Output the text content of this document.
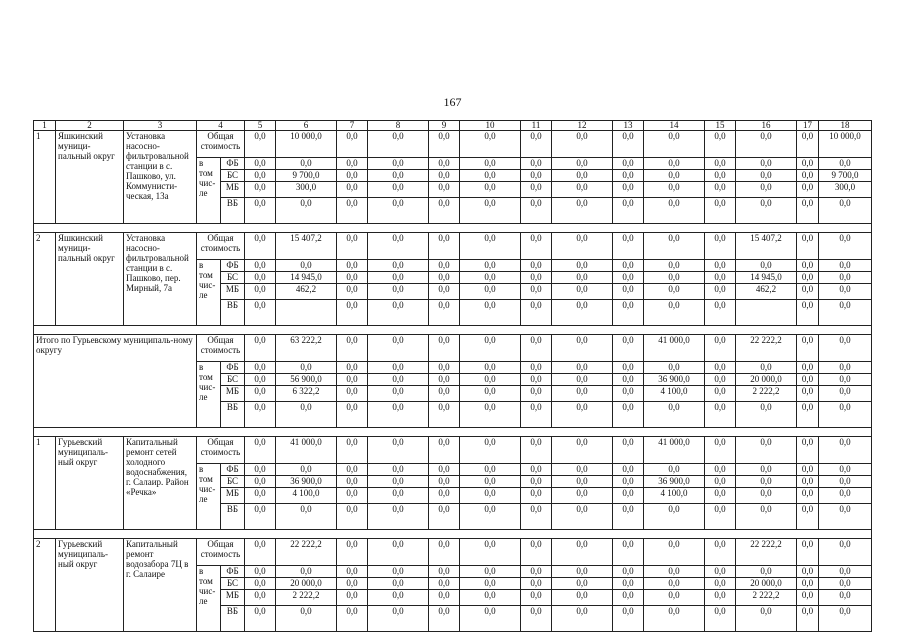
167
1	2	3	4		5	6	7	8	9	10	11	12	13	14	15	16	17	18
1	Яшкинский муници-пальный округ	Установка насосно-фильтровальной станции в с. Пашково, ул. Коммунисти-ческая, 13а	Общая стоимость		0,0	10 000,0	0,0	0,0	0,0	0,0	0,0	0,0	0,0	0,0	0,0	0,0	0,0	10 000,0
			в том чис-ле	ФБ	0,0	0,0	0,0	0,0	0,0	0,0	0,0	0,0	0,0	0,0	0,0	0,0	0,0	0,0
				БС	0,0	9 700,0	0,0	0,0	0,0	0,0	0,0	0,0	0,0	0,0	0,0	0,0	0,0	9 700,0
				МБ	0,0	300,0	0,0	0,0	0,0	0,0	0,0	0,0	0,0	0,0	0,0	0,0	0,0	300,0
				ВБ	0,0	0,0	0,0	0,0	0,0	0,0	0,0	0,0	0,0	0,0	0,0	0,0	0,0	0,0

2	Яшкинский муници-пальный округ	Установка насосно-фильтровальной станции в с. Пашково, пер. Мирный, 7а	Общая стоимость		0,0	15 407,2	0,0	0,0	0,0	0,0	0,0	0,0	0,0	0,0	0,0	15 407,2	0,0	0,0
			в том чис-ле	ФБ	0,0	0,0	0,0	0,0	0,0	0,0	0,0	0,0	0,0	0,0	0,0	0,0	0,0	0,0
				БС	0,0	14 945,0	0,0	0,0	0,0	0,0	0,0	0,0	0,0	0,0	0,0	14 945,0	0,0	0,0
				МБ	0,0	462,2	0,0	0,0	0,0	0,0	0,0	0,0	0,0	0,0	0,0	462,2	0,0	0,0
				ВБ	0,0		0,0	0,0	0,0	0,0	0,0	0,0	0,0	0,0	0,0		0,0	0,0

Итого по Гурьевскому муниципаль-ному округу			Общая стоимость		0,0	63 222,2	0,0	0,0	0,0	0,0	0,0	0,0	0,0	41 000,0	0,0	22 222,2	0,0	0,0
			в том чис-ле	ФБ	0,0	0,0	0,0	0,0	0,0	0,0	0,0	0,0	0,0	0,0	0,0	0,0	0,0	0,0
				БС	0,0	56 900,0	0,0	0,0	0,0	0,0	0,0	0,0	0,0	36 900,0	0,0	20 000,0	0,0	0,0
				МБ	0,0	6 322,2	0,0	0,0	0,0	0,0	0,0	0,0	0,0	4 100,0	0,0	2 222,2	0,0	0,0
				ВБ	0,0	0,0	0,0	0,0	0,0	0,0	0,0	0,0	0,0	0,0	0,0	0,0	0,0	0,0

1	Гурьевский муниципаль-ный округ	Капитальный ремонт сетей холодного водоснабжения, г. Салаир. Район «Речка»	Общая стоимость		0,0	41 000,0	0,0	0,0	0,0	0,0	0,0	0,0	0,0	41 000,0	0,0	0,0	0,0	0,0
			в том чис-ле	ФБ	0,0	0,0	0,0	0,0	0,0	0,0	0,0	0,0	0,0	0,0	0,0	0,0	0,0	0,0
				БС	0,0	36 900,0	0,0	0,0	0,0	0,0	0,0	0,0	0,0	36 900,0	0,0	0,0	0,0	0,0
				МБ	0,0	4 100,0	0,0	0,0	0,0	0,0	0,0	0,0	0,0	4 100,0	0,0	0,0	0,0	0,0
				ВБ	0,0	0,0	0,0	0,0	0,0	0,0	0,0	0,0	0,0	0,0	0,0	0,0	0,0	0,0

2	Гурьевский муниципаль-ный округ	Капитальный ремонт водозабора 7Ц в г. Салаире	Общая стоимость		0,0	22 222,2	0,0	0,0	0,0	0,0	0,0	0,0	0,0	0,0	0,0	22 222,2	0,0	0,0
			в том чис-ле	ФБ	0,0	0,0	0,0	0,0	0,0	0,0	0,0	0,0	0,0	0,0	0,0	0,0	0,0	0,0
				БС	0,0	20 000,0	0,0	0,0	0,0	0,0	0,0	0,0	0,0	0,0	0,0	20 000,0	0,0	0,0
				МБ	0,0	2 222,2	0,0	0,0	0,0	0,0	0,0	0,0	0,0	0,0	0,0	2 222,2	0,0	0,0
				ВБ	0,0	0,0	0,0	0,0	0,0	0,0	0,0	0,0	0,0	0,0	0,0	0,0	0,0	0,0
